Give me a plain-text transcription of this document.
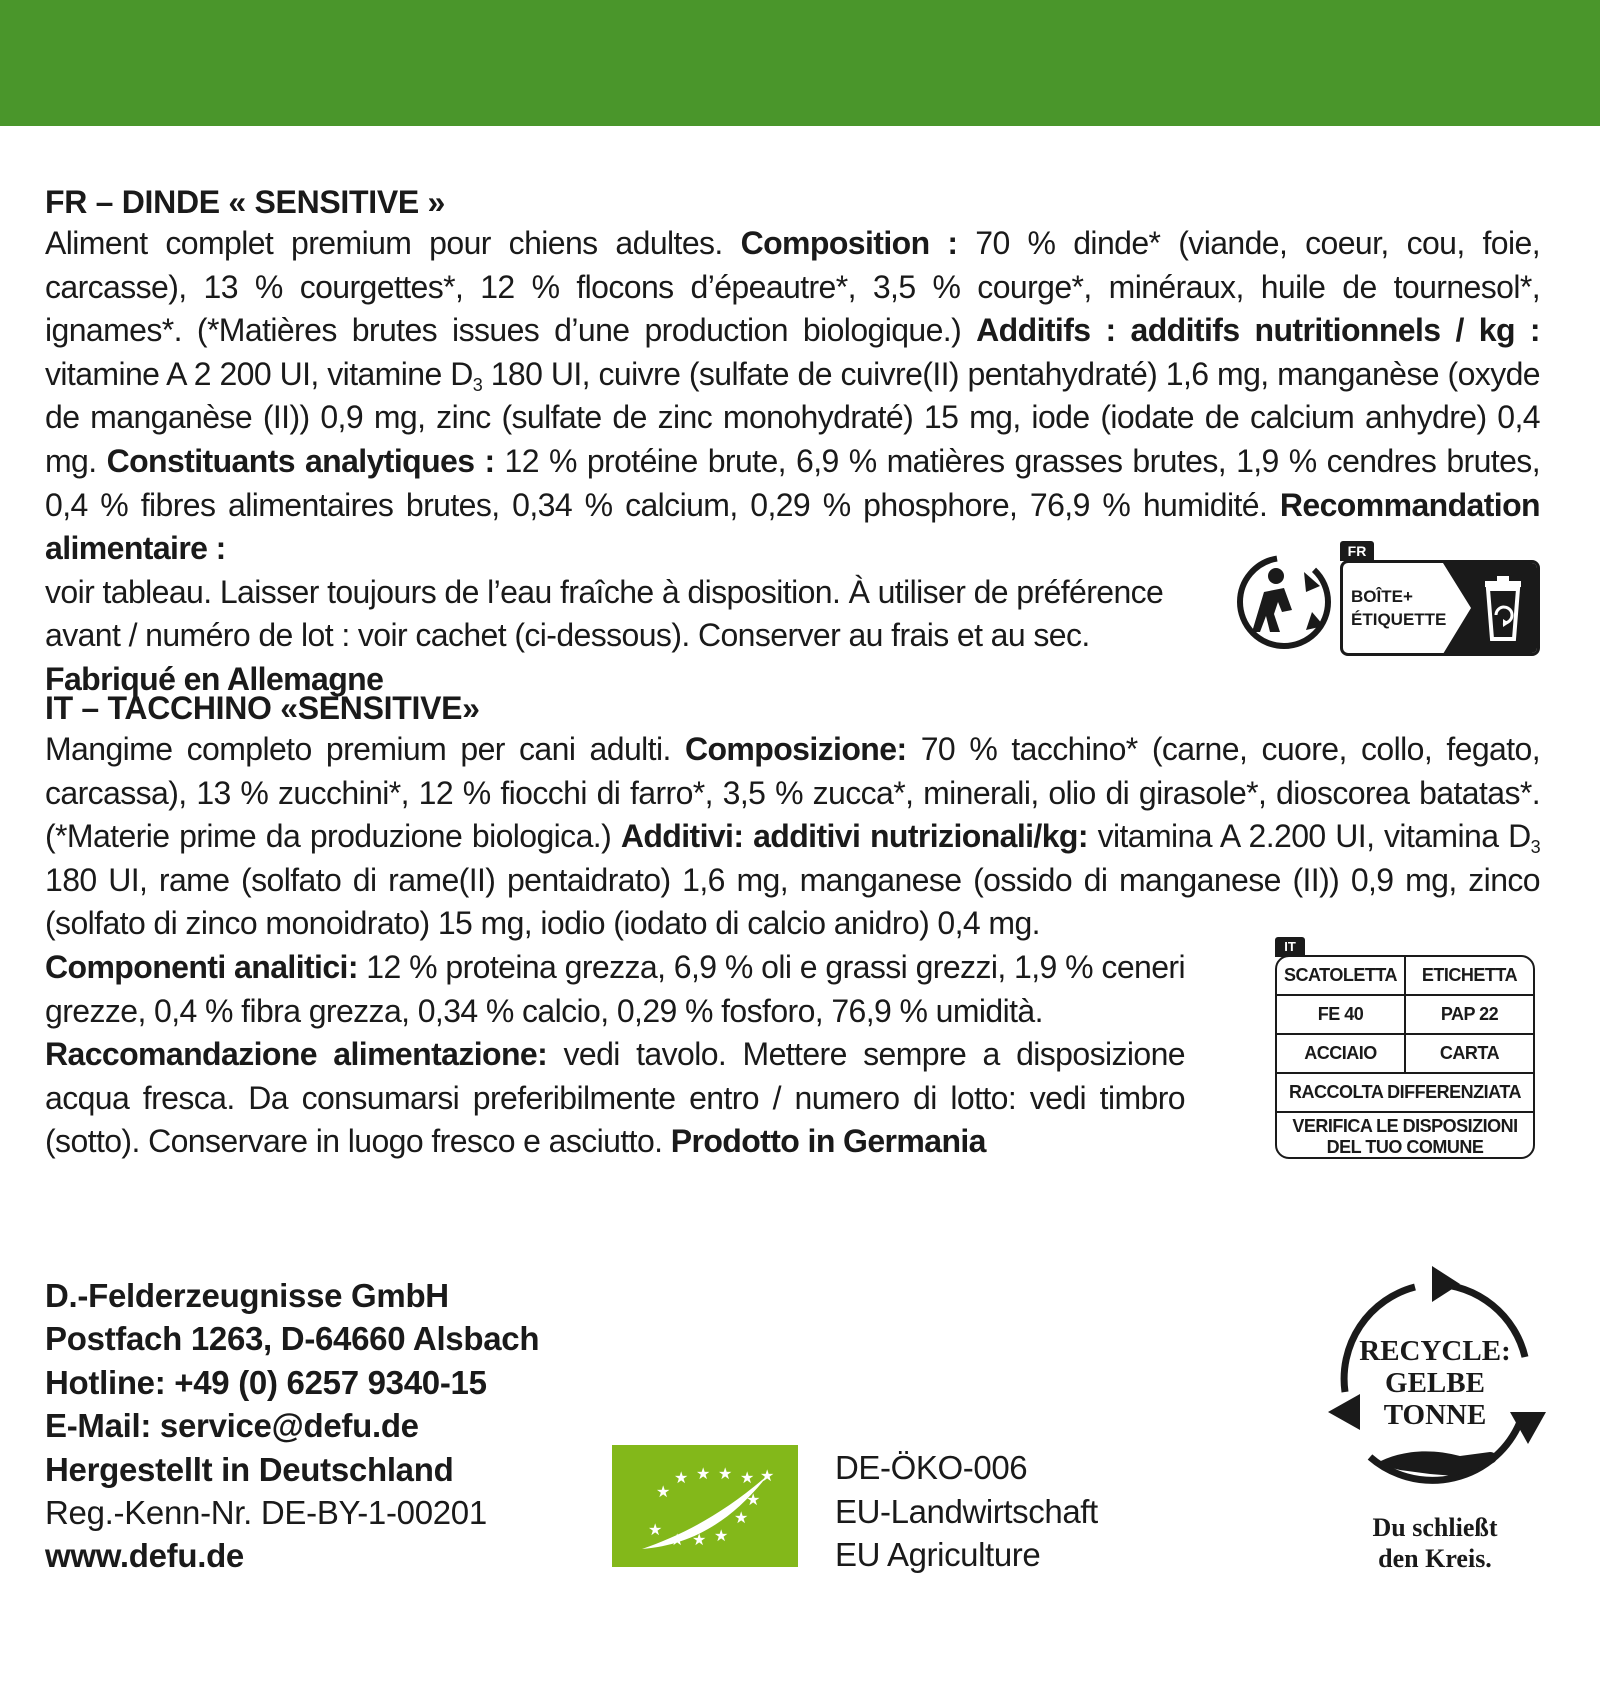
FR – DINDE « SENSITIVE »

Aliment complet premium pour chiens adultes. Composition : 70 % dinde* (viande, coeur, cou, foie, carcasse), 13 % courgettes*, 12 % flocons d’épeautre*, 3,5 % courge*, minéraux, huile de tournesol*, ignames*. (*Matières brutes issues d’une production biologique.) Additifs : additifs nutritionnels / kg : vitamine A 2 200 UI, vitamine $D_3$ 180 UI, cuivre (sulfate de cuivre(II) pentahydraté) 1,6 mg, manganèse (oxyde de manganèse (II)) 0,9 mg, zinc (sulfate de zinc monohydraté) 15 mg, iode (iodate de calcium anhydre) 0,4 mg. Constituants analytiques : 12 % protéine brute, 6,9 % matières grasses brutes, 1,9 % cendres brutes, 0,4 % fibres alimentaires brutes, 0,34 % calcium, 0,29 % phosphore, 76,9 % humidité. Recommandation alimentaire :

voir tableau. Laisser toujours de l’eau fraîche à disposition. À utiliser de préférence avant / numéro de lot : voir cachet (ci-dessous). Conserver au frais et au sec. Fabriqué en Allemagne

FR
BOÎTE+
ÉTIQUETTE
IT – TACCHINO «SENSITIVE»

Mangime completo premium per cani adulti. Composizione: 70 % tacchino* (carne, cuore, collo, fegato, carcassa), 13 % zucchini*, 12 % fiocchi di farro*, 3,5 % zucca*, minerali, olio di girasole*, dioscorea batatas*. (*Materie prime da produzione biologica.) Additivi: additivi nutrizionali/kg: vitamina A 2.200 UI, vitamina $D_3$ 180 UI, rame (solfato di rame(II) pentaidrato) 1,6 mg, manganese (ossido di manganese (II)) 0,9 mg, zinco (solfato di zinco monoidrato) 15 mg, iodio (iodato di calcio anidro) 0,4 mg.

Componenti analitici: 12 % proteina grezza, 6,9 % oli e grassi grezzi, 1,9 % ceneri grezze, 0,4 % fibra grezza, 0,34 % calcio, 0,29 % fosforo, 76,9 % umidità.
Raccomandazione alimentazione: vedi tavolo. Mettere sempre a disposizione acqua fresca. Da consumarsi preferibilmente entro / numero di lotto: vedi timbro (sotto). Conservare in luogo fresco e asciutto. Prodotto in Germania

IT
SCATOLETTA	ETICHETTA
FE 40	PAP 22
ACCIAIO	CARTA
RACCOLTA DIFFERENZIATA
VERIFICA LE DISPOSIZIONI
DEL TUO COMUNE
D.-Felderzeugnisse GmbH
Postfach 1263, D-64660 Alsbach
Hotline: +49 (0) 6257 9340-15
E-Mail: service@defu.de
Hergestellt in Deutschland
Reg.-Kenn-Nr. DE-BY-1-00201
www.defu.de
★ ★ ★ ★ ★
★	★
★
★
★ ★
DE-ÖKO-006
EU-Landwirtschaft
EU Agriculture
RECYCLE:
GELBE
TONNE
Du schließt
den Kreis.
